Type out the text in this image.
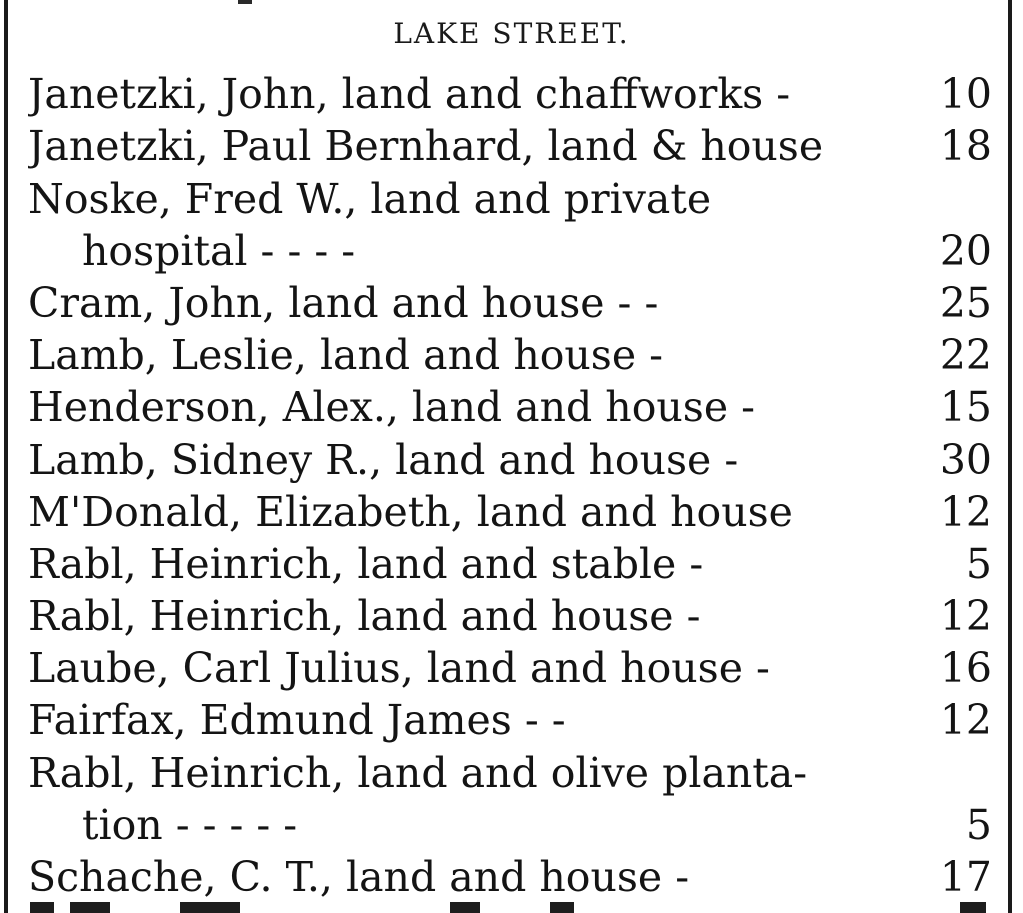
LAKE STREET.
Janetzki, John, land and chaffworks -	10
Janetzki, Paul Bernhard, land & house	18
Noske, Fred W., land and private
hospital - - - -	20
Cram, John, land and house - -	25
Lamb, Leslie, land and house -	22
Henderson, Alex., land and house -	15
Lamb, Sidney R., land and house -	30
M'Donald, Elizabeth, land and house	12
Rabl, Heinrich, land and stable -	5
Rabl, Heinrich, land and house -	12
Laube, Carl Julius, land and house -	16
Fairfax, Edmund James - -	12
Rabl, Heinrich, land and olive planta-
tion - - - - -	5
Schache, C. T., land and house -	17
